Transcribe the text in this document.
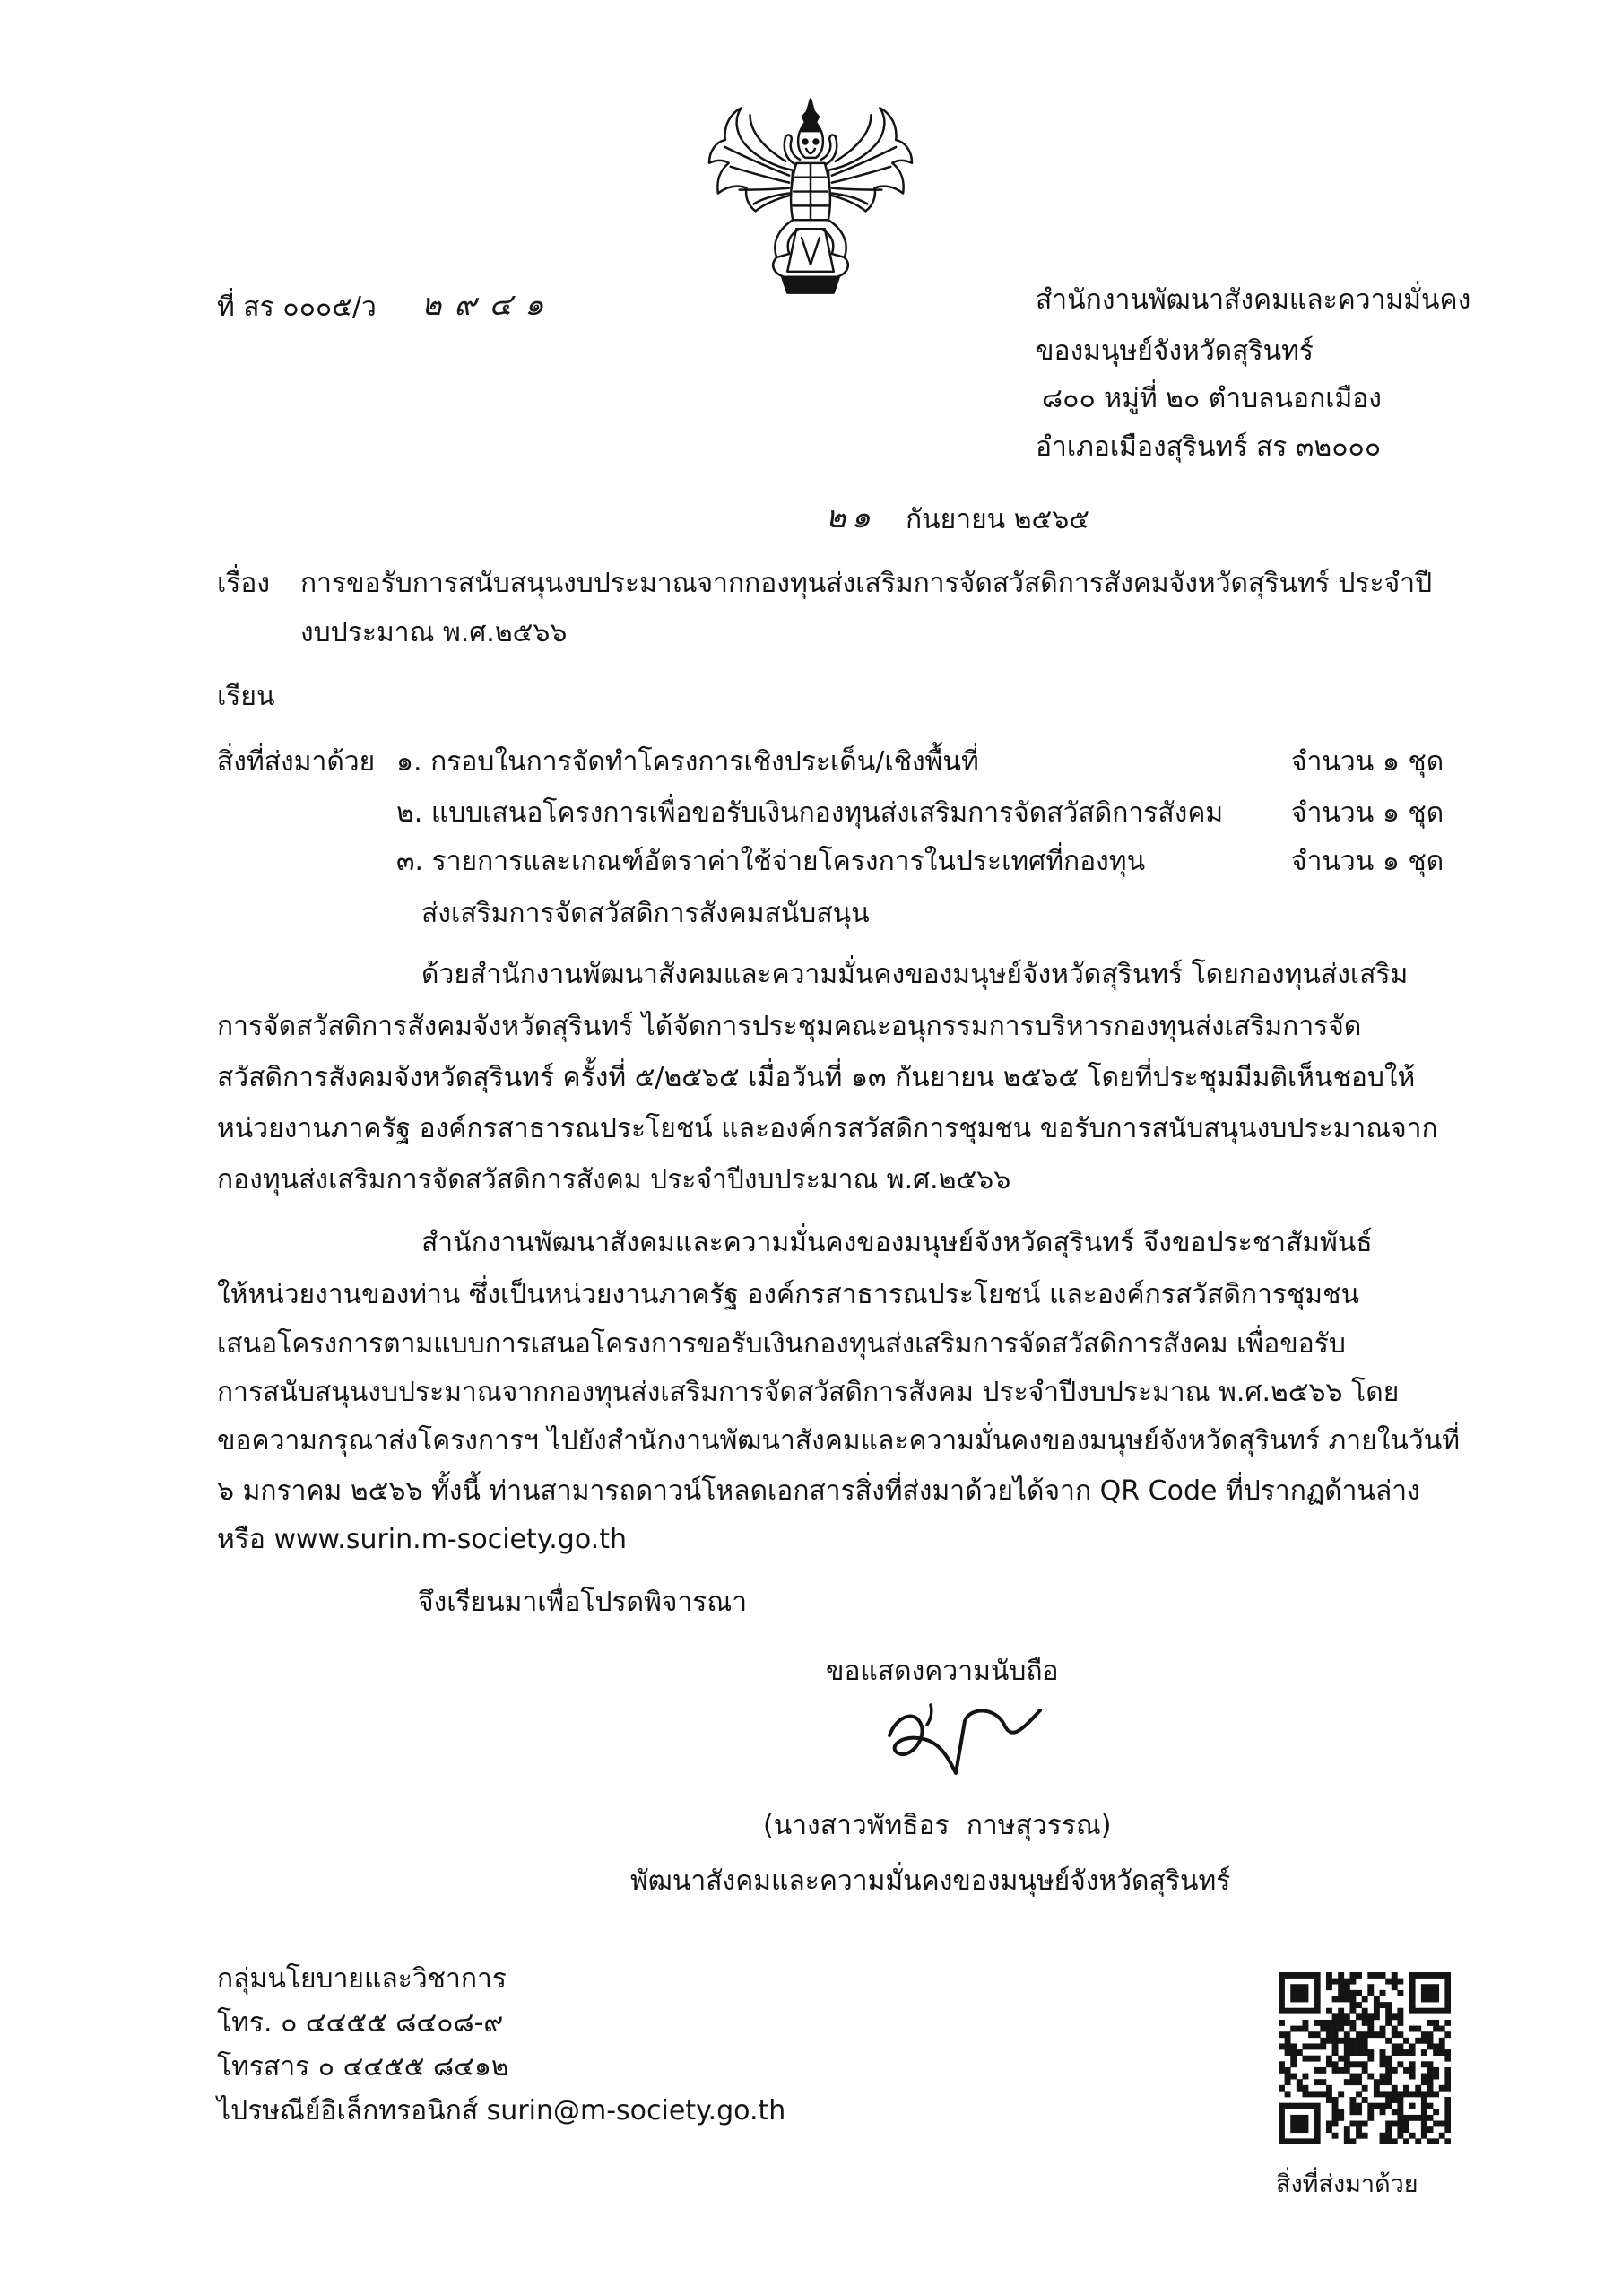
ที่ สร ๐๐๐๕/ว ๒๙๔๑	สำนักงานพัฒนาสังคมและความมั่นคง
ของมนุษย์จังหวัดสุรินทร์
๘๐๐ หมู่ที่ ๒๐ ตำบลนอกเมือง
อำเภอเมืองสุรินทร์ สร ๓๒๐๐๐
๒๑ กันยายน ๒๕๖๕
เรื่อง การขอรับการสนับสนุนงบประมาณจากกองทุนส่งเสริมการจัดสวัสดิการสังคมจังหวัดสุรินทร์ ประจำปี
งบประมาณ พ.ศ.๒๕๖๖
เรียน
สิ่งที่ส่งมาด้วย ๑. กรอบในการจัดทำโครงการเชิงประเด็น/เชิงพื้นที่	จำนวน ๑ ชุด
๒. แบบเสนอโครงการเพื่อขอรับเงินกองทุนส่งเสริมการจัดสวัสดิการสังคม	จำนวน ๑ ชุด
๓. รายการและเกณฑ์อัตราค่าใช้จ่ายโครงการในประเทศที่กองทุน	จำนวน ๑ ชุด
ส่งเสริมการจัดสวัสดิการสังคมสนับสนุน
ด้วยสำนักงานพัฒนาสังคมและความมั่นคงของมนุษย์จังหวัดสุรินทร์ โดยกองทุนส่งเสริม
การจัดสวัสดิการสังคมจังหวัดสุรินทร์ ได้จัดการประชุมคณะอนุกรรมการบริหารกองทุนส่งเสริมการจัด
สวัสดิการสังคมจังหวัดสุรินทร์ ครั้งที่ ๕/๒๕๖๕ เมื่อวันที่ ๑๓ กันยายน ๒๕๖๕ โดยที่ประชุมมีมติเห็นชอบให้
หน่วยงานภาครัฐ องค์กรสาธารณประโยชน์ และองค์กรสวัสดิการชุมชน ขอรับการสนับสนุนงบประมาณจาก
กองทุนส่งเสริมการจัดสวัสดิการสังคม ประจำปีงบประมาณ พ.ศ.๒๕๖๖
สำนักงานพัฒนาสังคมและความมั่นคงของมนุษย์จังหวัดสุรินทร์ จึงขอประชาสัมพันธ์
ให้หน่วยงานของท่าน ซึ่งเป็นหน่วยงานภาครัฐ องค์กรสาธารณประโยชน์ และองค์กรสวัสดิการชุมชน
เสนอโครงการตามแบบการเสนอโครงการขอรับเงินกองทุนส่งเสริมการจัดสวัสดิการสังคม เพื่อขอรับ
การสนับสนุนงบประมาณจากกองทุนส่งเสริมการจัดสวัสดิการสังคม ประจำปีงบประมาณ พ.ศ.๒๕๖๖ โดย
ขอความกรุณาส่งโครงการฯ ไปยังสำนักงานพัฒนาสังคมและความมั่นคงของมนุษย์จังหวัดสุรินทร์ ภายในวันที่
๖ มกราคม ๒๕๖๖ ทั้งนี้ ท่านสามารถดาวน์โหลดเอกสารสิ่งที่ส่งมาด้วยได้จาก QR Code ที่ปรากฏด้านล่าง
หรือ www.surin.m-society.go.th
จึงเรียนมาเพื่อโปรดพิจารณา
ขอแสดงความนับถือ
(นางสาวพัทธิอร  กาษสุวรรณ)
พัฒนาสังคมและความมั่นคงของมนุษย์จังหวัดสุรินทร์
กลุ่มนโยบายและวิชาการ
โทร. ๐ ๔๔๕๕ ๘๔๐๘-๙
โทรสาร ๐ ๔๔๕๕ ๘๔๑๒
ไปรษณีย์อิเล็กทรอนิกส์ surin@m-society.go.th
สิ่งที่ส่งมาด้วย
